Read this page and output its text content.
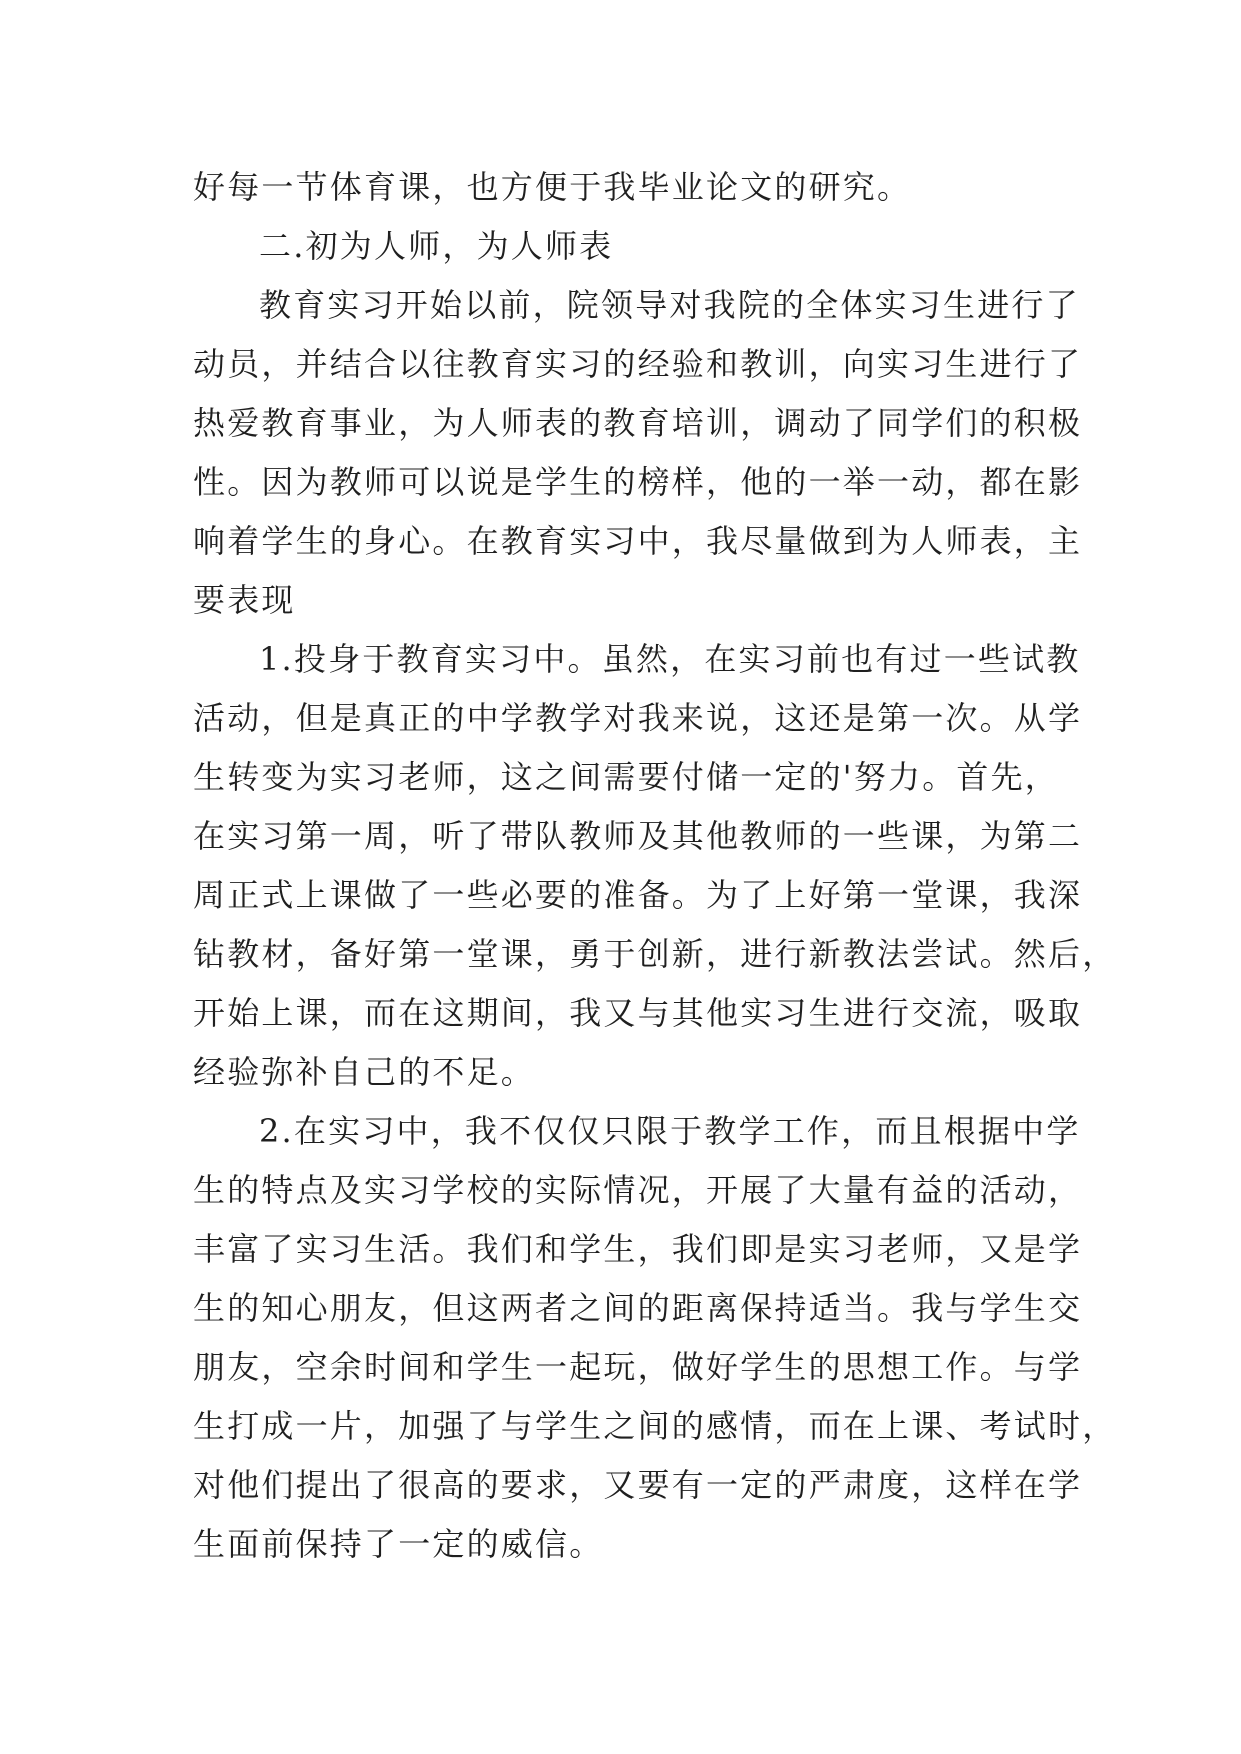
好每一节体育课，也方便于我毕业论文的研究。
二.初为人师，为人师表
教育实习开始以前，院领导对我院的全体实习生进行了
动员，并结合以往教育实习的经验和教训，向实习生进行了
热爱教育事业，为人师表的教育培训，调动了同学们的积极
性。因为教师可以说是学生的榜样，他的一举一动，都在影
响着学生的身心。在教育实习中，我尽量做到为人师表，主
要表现
1.投身于教育实习中。虽然，在实习前也有过一些试教
活动，但是真正的中学教学对我来说，这还是第一次。从学
生转变为实习老师，这之间需要付储一定的'努力。首先，
在实习第一周，听了带队教师及其他教师的一些课，为第二
周正式上课做了一些必要的准备。为了上好第一堂课，我深
钻教材，备好第一堂课，勇于创新，进行新教法尝试。然后，
开始上课，而在这期间，我又与其他实习生进行交流，吸取
经验弥补自己的不足。
2.在实习中，我不仅仅只限于教学工作，而且根据中学
生的特点及实习学校的实际情况，开展了大量有益的活动，
丰富了实习生活。我们和学生，我们即是实习老师，又是学
生的知心朋友，但这两者之间的距离保持适当。我与学生交
朋友，空余时间和学生一起玩，做好学生的思想工作。与学
生打成一片，加强了与学生之间的感情，而在上课、考试时，
对他们提出了很高的要求，又要有一定的严肃度，这样在学
生面前保持了一定的威信。
